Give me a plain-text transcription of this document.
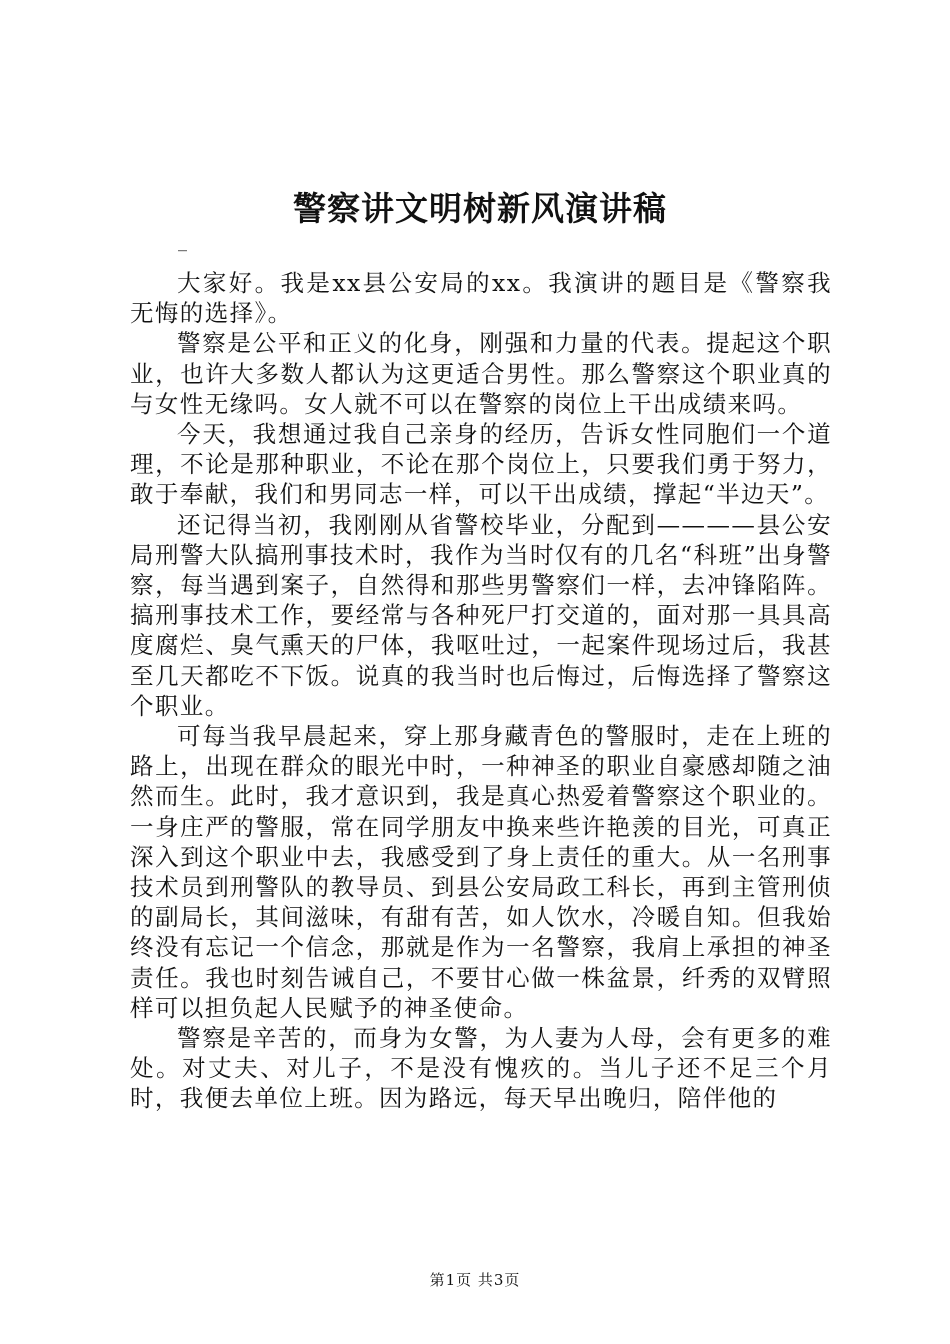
警察讲文明树新风演讲稿
_

大家好。我是xx县公安局的xx。我演讲的题目是《警察我无悔的选择》。

警察是公平和正义的化身，刚强和力量的代表。提起这个职业，也许大多数人都认为这更适合男性。那么警察这个职业真的与女性无缘吗。女人就不可以在警察的岗位上干出成绩来吗。

今天，我想通过我自己亲身的经历，告诉女性同胞们一个道理，不论是那种职业，不论在那个岗位上，只要我们勇于努力，敢于奉献，我们和男同志一样，可以干出成绩，撑起“半边天”。

还记得当初，我刚刚从省警校毕业，分配到————县公安局刑警大队搞刑事技术时，我作为当时仅有的几名“科班”出身警察，每当遇到案子，自然得和那些男警察们一样，去冲锋陷阵。搞刑事技术工作，要经常与各种死尸打交道的，面对那一具具高度腐烂、臭气熏天的尸体，我呕吐过，一起案件现场过后，我甚至几天都吃不下饭。说真的我当时也后悔过，后悔选择了警察这个职业。

可每当我早晨起来，穿上那身藏青色的警服时，走在上班的路上，出现在群众的眼光中时，一种神圣的职业自豪感却随之油然而生。此时，我才意识到，我是真心热爱着警察这个职业的。一身庄严的警服，常在同学朋友中换来些许艳羡的目光，可真正深入到这个职业中去，我感受到了身上责任的重大。从一名刑事技术员到刑警队的教导员、到县公安局政工科长，再到主管刑侦的副局长，其间滋味，有甜有苦，如人饮水，冷暖自知。但我始终没有忘记一个信念，那就是作为一名警察，我肩上承担的神圣责任。我也时刻告诫自己，不要甘心做一株盆景，纤秀的双臂照样可以担负起人民赋予的神圣使命。

警察是辛苦的，而身为女警，为人妻为人母，会有更多的难处。对丈夫、对儿子，不是没有愧疚的。当儿子还不足三个月时，我便去单位上班。因为路远，每天早出晚归，陪伴他的

第1页 共3页
